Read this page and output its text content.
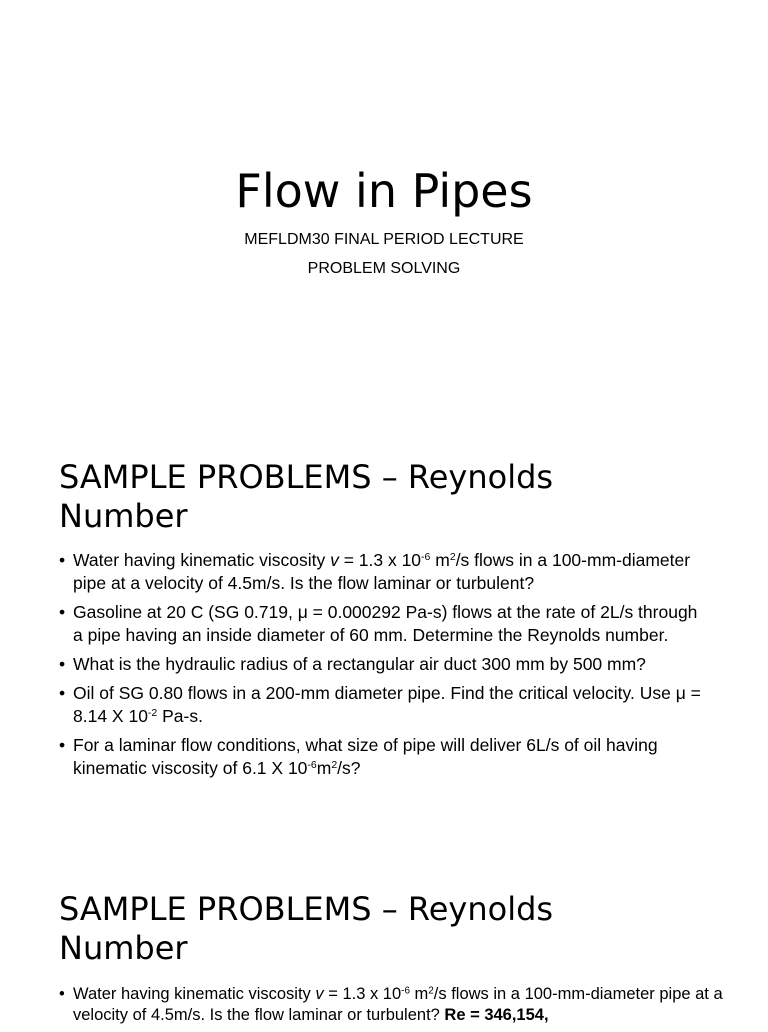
Flow in Pipes
MEFLDM30 FINAL PERIOD LECTURE
PROBLEM SOLVING
SAMPLE PROBLEMS – Reynolds
Number
• Water having kinematic viscosity v = 1.3 x $10^{-6}$ $m^2/s$ flows in a 100-mm-diameter pipe at a velocity of 4.5m/s. Is the flow laminar or turbulent?
• Gasoline at 20 C (SG 0.719, μ = 0.000292 Pa-s) flows at the rate of 2L/s through a pipe having an inside diameter of 60 mm. Determine the Reynolds number.
• What is the hydraulic radius of a rectangular air duct 300 mm by 500 mm?
• Oil of SG 0.80 flows in a 200-mm diameter pipe. Find the critical velocity. Use μ = 8.14 X $10^{-2}$ Pa-s.
• For a laminar flow conditions, what size of pipe will deliver 6L/s of oil having kinematic viscosity of 6.1 X $10^{-6}m^2/s$?
SAMPLE PROBLEMS – Reynolds
Number
• Water having kinematic viscosity v = 1.3 x $10^{-6}$ $m^2/s$ flows in a 100-mm-diameter pipe at a velocity of 4.5m/s. Is the flow laminar or turbulent? Re = 346,154,
